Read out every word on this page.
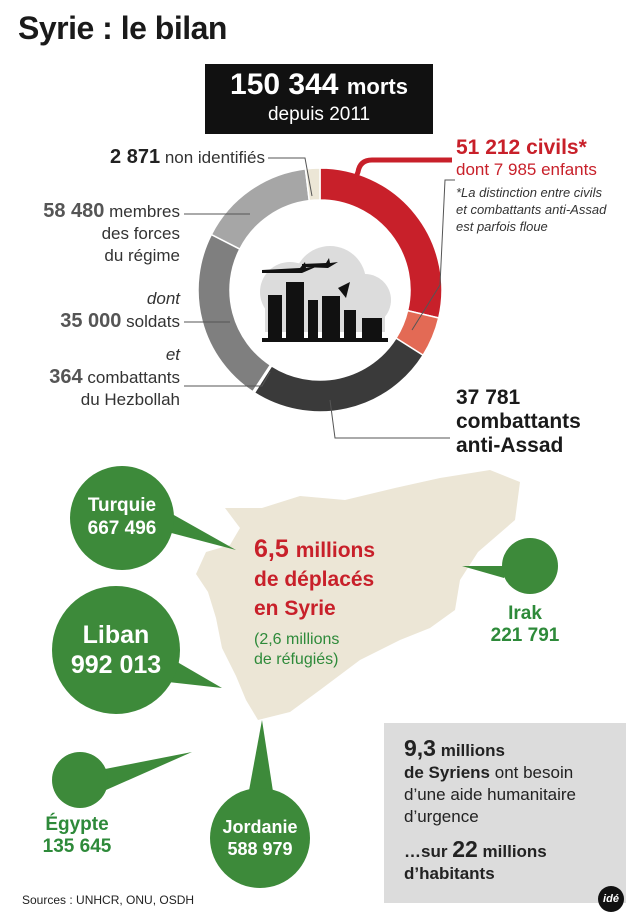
Syrie : le bilan
150 344 morts
depuis 2011
2 871 non identifiés
58 480 membres
des forces
du régime
dont
35 000 soldats
et
364 combattants
du Hezbollah
51 212 civils*
dont 7 985 enfants
*La distinction entre civils
et combattants anti-Assad
est parfois floue
37 781
combattants
anti-Assad
Turquie
667 496
Liban
992 013
Jordanie
588 979
Égypte
135 645
Irak
221 791
6,5 millions
de déplacés
en Syrie
(2,6 millions
de réfugiés)
9,3 millions
de Syriens ont besoin
d’une aide humanitaire
d’urgence
…sur 22 millions
d’habitants
Sources : UNHCR, ONU, OSDH	idé
